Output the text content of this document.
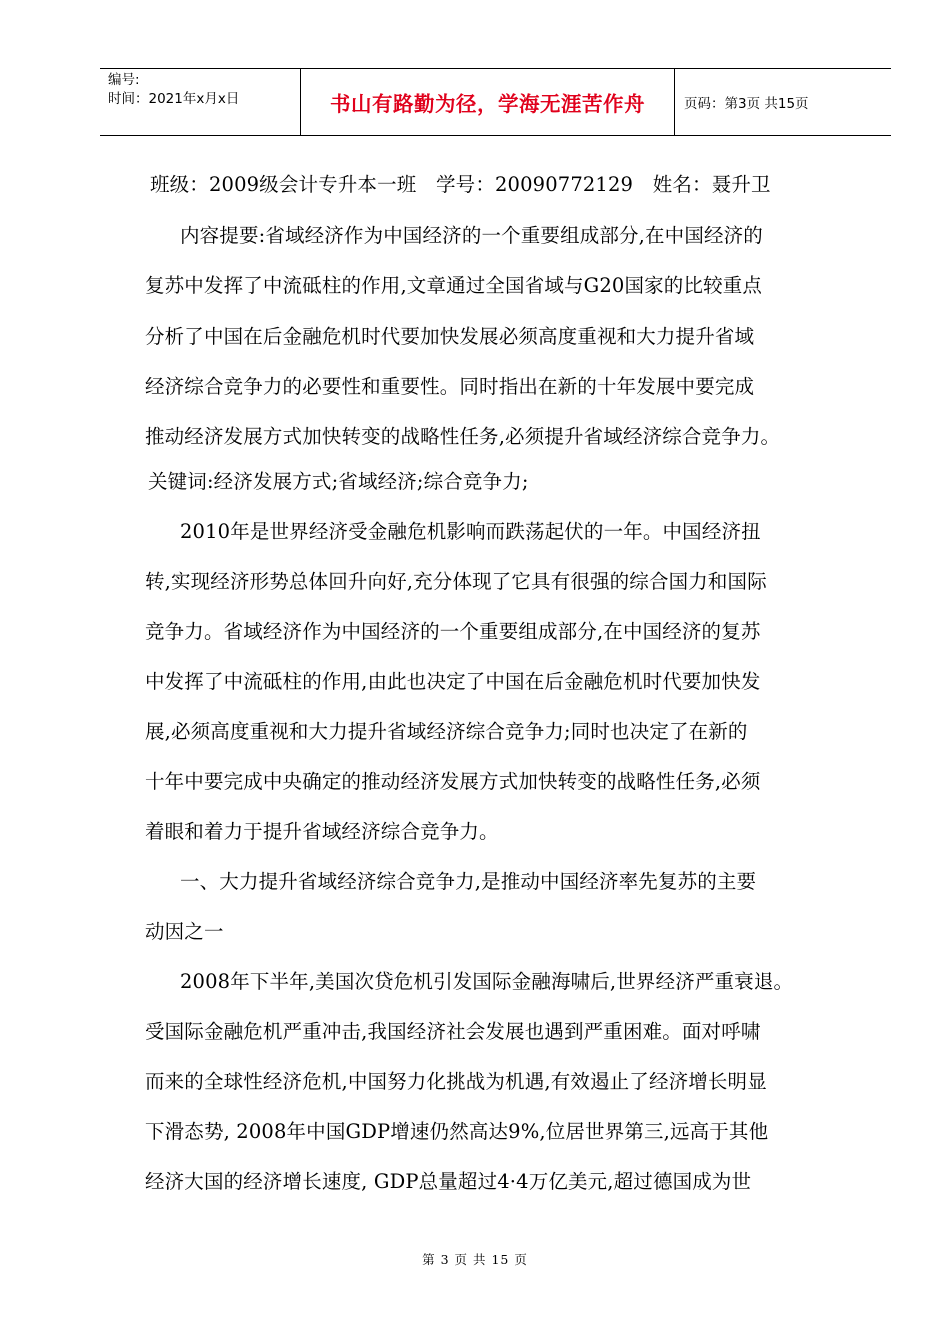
编号:
时间：2021年x月x日	书山有路勤为径，学海无涯苦作舟	页码：第3页 共15页
班级：2009级会计专升本一班　学号：20090772129　姓名：聂升卫
内容提要:省域经济作为中国经济的一个重要组成部分,在中国经济的
复苏中发挥了中流砥柱的作用,文章通过全国省域与G20国家的比较重点
分析了中国在后金融危机时代要加快发展必须高度重视和大力提升省域
经济综合竞争力的必要性和重要性。同时指出在新的十年发展中要完成
推动经济发展方式加快转变的战略性任务,必须提升省域经济综合竞争力。
关键词:经济发展方式;省域经济;综合竞争力;
2010年是世界经济受金融危机影响而跌荡起伏的一年。中国经济扭
转,实现经济形势总体回升向好,充分体现了它具有很强的综合国力和国际
竞争力。省域经济作为中国经济的一个重要组成部分,在中国经济的复苏
中发挥了中流砥柱的作用,由此也决定了中国在后金融危机时代要加快发
展,必须高度重视和大力提升省域经济综合竞争力;同时也决定了在新的
十年中要完成中央确定的推动经济发展方式加快转变的战略性任务,必须
着眼和着力于提升省域经济综合竞争力。
一、大力提升省域经济综合竞争力,是推动中国经济率先复苏的主要
动因之一
2008年下半年,美国次贷危机引发国际金融海啸后,世界经济严重衰退。
受国际金融危机严重冲击,我国经济社会发展也遇到严重困难。面对呼啸
而来的全球性经济危机,中国努力化挑战为机遇,有效遏止了经济增长明显
下滑态势, 2008年中国GDP增速仍然高达9%,位居世界第三,远高于其他
经济大国的经济增长速度, GDP总量超过4·4万亿美元,超过德国成为世
第 3 页 共 15 页
